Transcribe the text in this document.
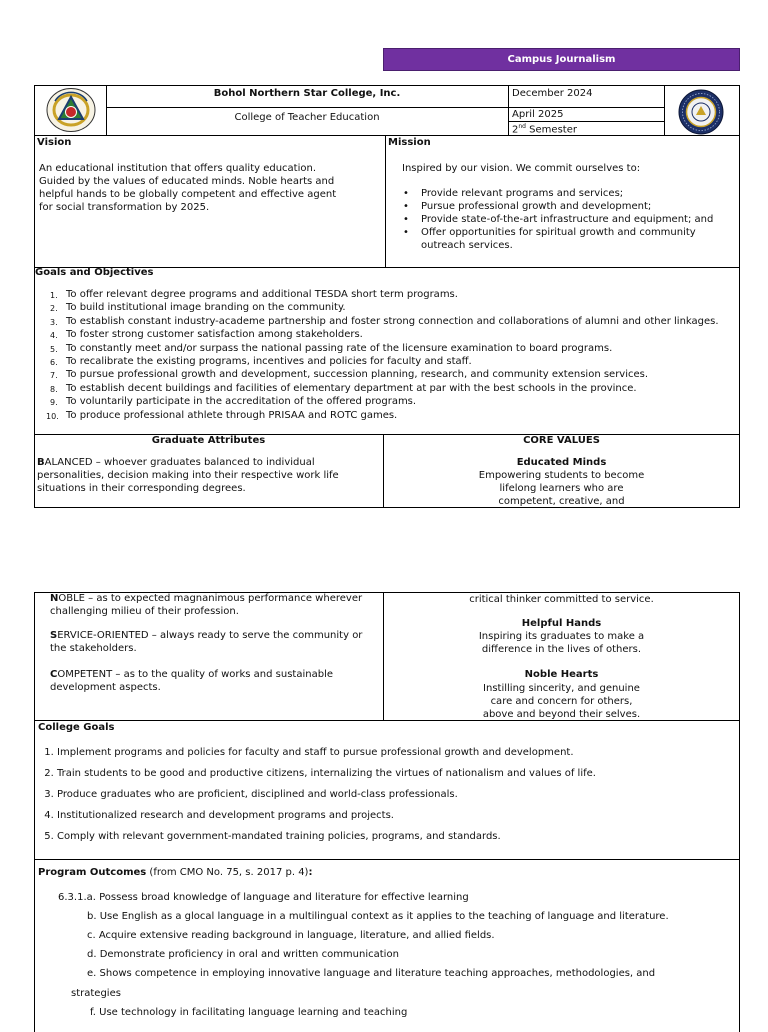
Campus Journalism
Bohol Northern Star College, Inc.
College of Teacher Education
December 2024
April 2025
2nd Semester
Vision
An educational institution that offers quality education.
Guided by the values of educated minds. Noble hearts and
helpful hands to be globally competent and effective agent
for social transformation by 2025.
Mission
Inspired by our vision. We commit ourselves to:
• Provide relevant programs and services;
• Pursue professional growth and development;
• Provide state-of-the-art infrastructure and equipment; and
• Offer opportunities for spiritual growth and community outreach services.
Goals and Objectives
1. To offer relevant degree programs and additional TESDA short term programs.
2. To build institutional image branding on the community.
3. To establish constant industry-academe partnership and foster strong connection and collaborations of alumni and other linkages.
4. To foster strong customer satisfaction among stakeholders.
5. To constantly meet and/or surpass the national passing rate of the licensure examination to board programs.
6. To recalibrate the existing programs, incentives and policies for faculty and staff.
7. To pursue professional growth and development, succession planning, research, and community extension services.
8. To establish decent buildings and facilities of elementary department at par with the best schools in the province.
9. To voluntarily participate in the accreditation of the offered programs.
10. To produce professional athlete through PRISAA and ROTC games.
Graduate Attributes	CORE VALUES
BALANCED – whoever graduates balanced to individual personalities, decision making into their respective work life situations in their corresponding degrees.
Educated Minds
Empowering students to become
lifelong learners who are
competent, creative, and
critical thinker committed to service.
NOBLE – as to expected magnanimous performance wherever challenging milieu of their profession.
SERVICE-ORIENTED – always ready to serve the community or the stakeholders.
COMPETENT – as to the quality of works and sustainable development aspects.
Helpful Hands
Inspiring its graduates to make a
difference in the lives of others.
Noble Hearts
Instilling sincerity, and genuine
care and concern for others,
above and beyond their selves.
College Goals
1. Implement programs and policies for faculty and staff to pursue professional growth and development.
2. Train students to be good and productive citizens, internalizing the virtues of nationalism and values of life.
3. Produce graduates who are proficient, disciplined and world-class professionals.
4. Institutionalized research and development programs and projects.
5. Comply with relevant government-mandated training policies, programs, and standards.
Program Outcomes (from CMO No. 75, s. 2017 p. 4):
6.3.1.a. Possess broad knowledge of language and literature for effective learning
b. Use English as a glocal language in a multilingual context as it applies to the teaching of language and literature.
c. Acquire extensive reading background in language, literature, and allied fields.
d. Demonstrate proficiency in oral and written communication
e. Shows competence in employing innovative language and literature teaching approaches, methodologies, and
strategies
f. Use technology in facilitating language learning and teaching
